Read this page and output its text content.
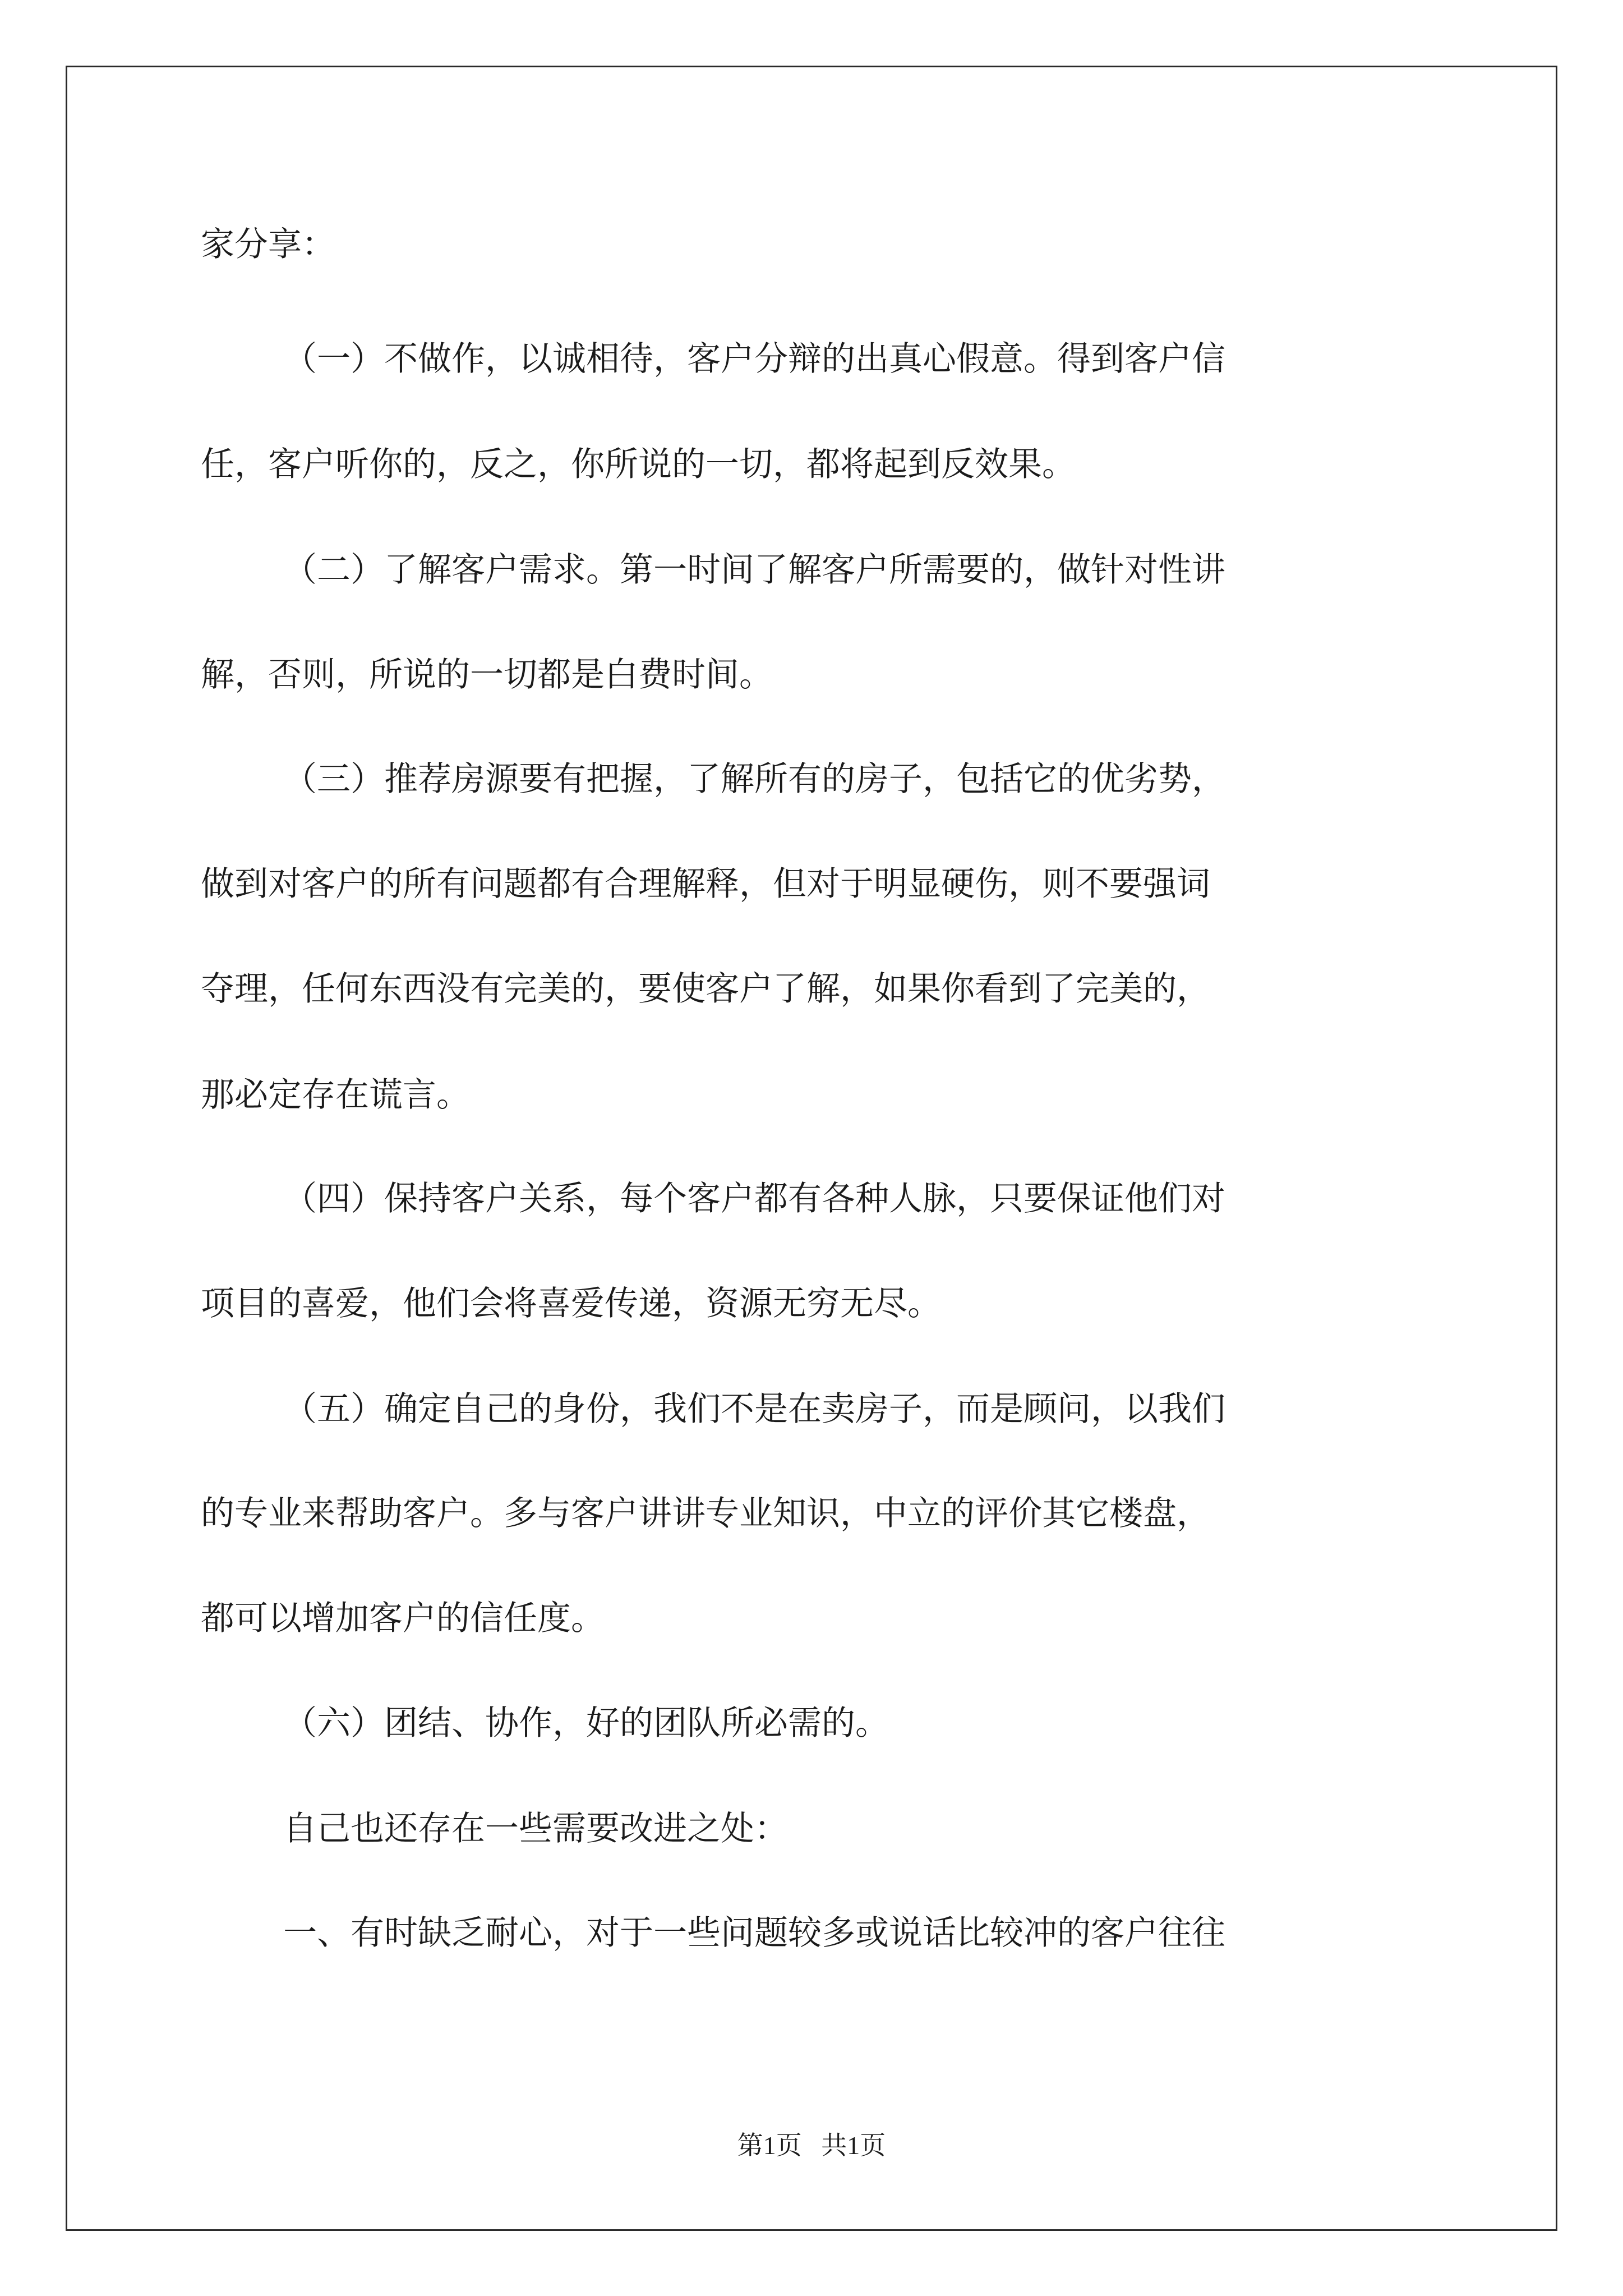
家分享：

（一）不做作，以诚相待，客户分辩的出真心假意。得到客户信

任，客户听你的，反之，你所说的一切，都将起到反效果。

（二）了解客户需求。第一时间了解客户所需要的，做针对性讲

解，否则，所说的一切都是白费时间。

（三）推荐房源要有把握，了解所有的房子，包括它的优劣势，

做到对客户的所有问题都有合理解释，但对于明显硬伤，则不要强词

夺理，任何东西没有完美的，要使客户了解，如果你看到了完美的，

那必定存在谎言。

（四）保持客户关系，每个客户都有各种人脉，只要保证他们对

项目的喜爱，他们会将喜爱传递，资源无穷无尽。

（五）确定自己的身份，我们不是在卖房子，而是顾问，以我们

的专业来帮助客户。多与客户讲讲专业知识，中立的评价其它楼盘，

都可以增加客户的信任度。

（六）团结、协作，好的团队所必需的。

自己也还存在一些需要改进之处：

一、有时缺乏耐心，对于一些问题较多或说话比较冲的客户往往

第1页   共1页
